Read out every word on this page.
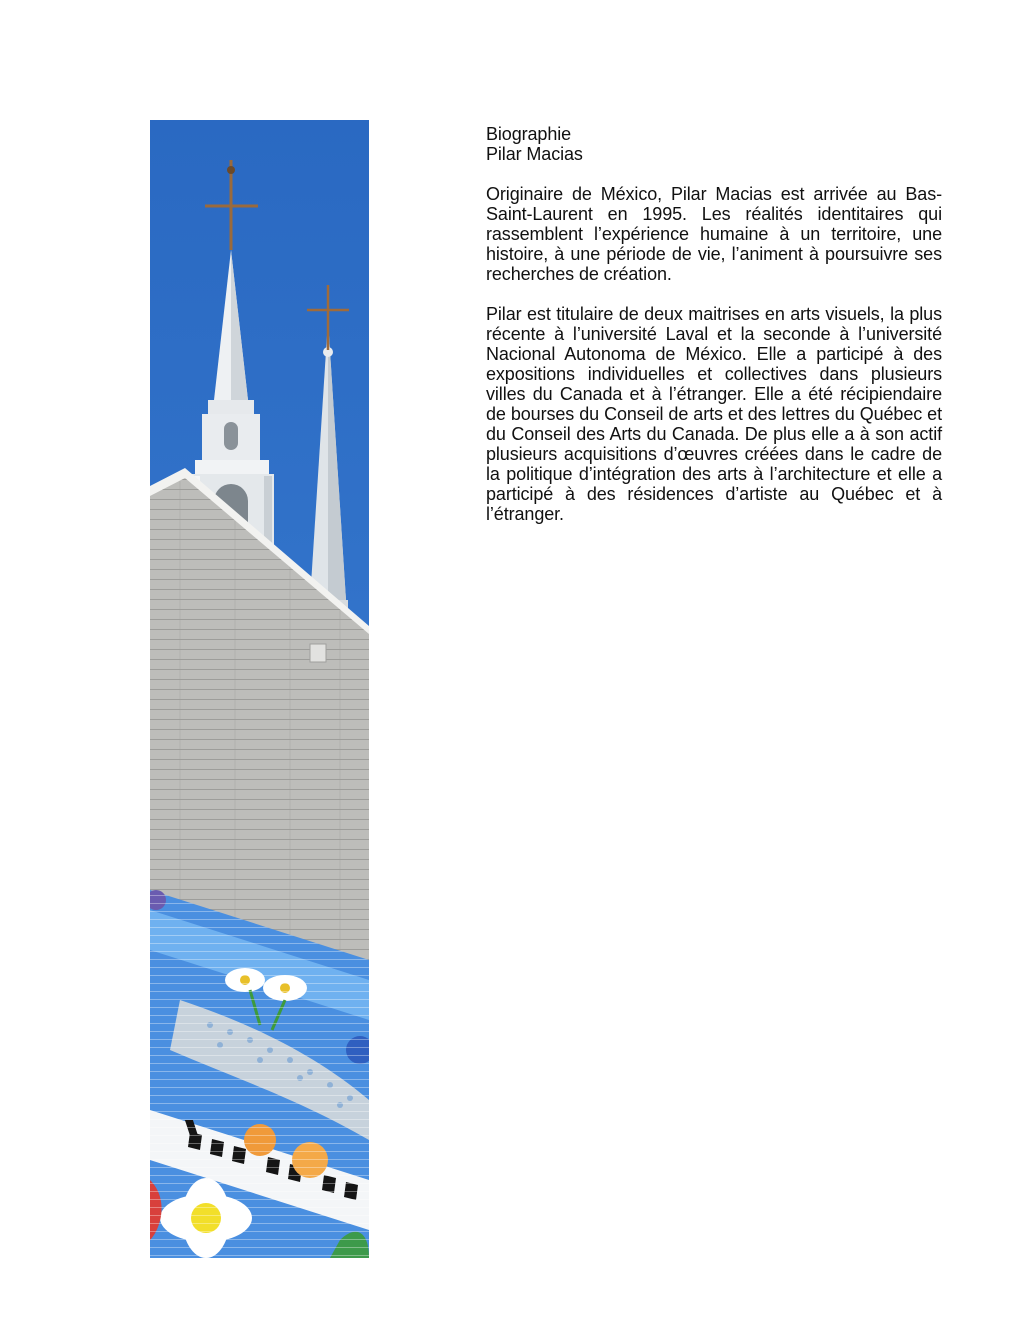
Biographie

Pilar Macias

Originaire de México, Pilar Macias est arrivée au Bas-Saint-Laurent en 1995. Les réalités identitaires qui rassemblent l’expérience humaine à un territoire, une histoire, à une période de vie, l’animent à poursuivre ses recherches de création.

Pilar est titulaire de deux maitrises en arts visuels, la plus récente à l’université Laval et la seconde à l’université Nacional Autonoma de México. Elle a participé à des expositions individuelles et collectives dans plusieurs villes du Canada et à l’étranger. Elle a été récipiendaire de bourses du Conseil de arts et des lettres du Québec et du Conseil des Arts du Canada. De plus elle a à son actif plusieurs acquisitions d’œuvres créées dans le cadre de la politique d’intégration des arts à l’architecture et elle a participé à des résidences d’artiste au Québec et à l’étranger.
